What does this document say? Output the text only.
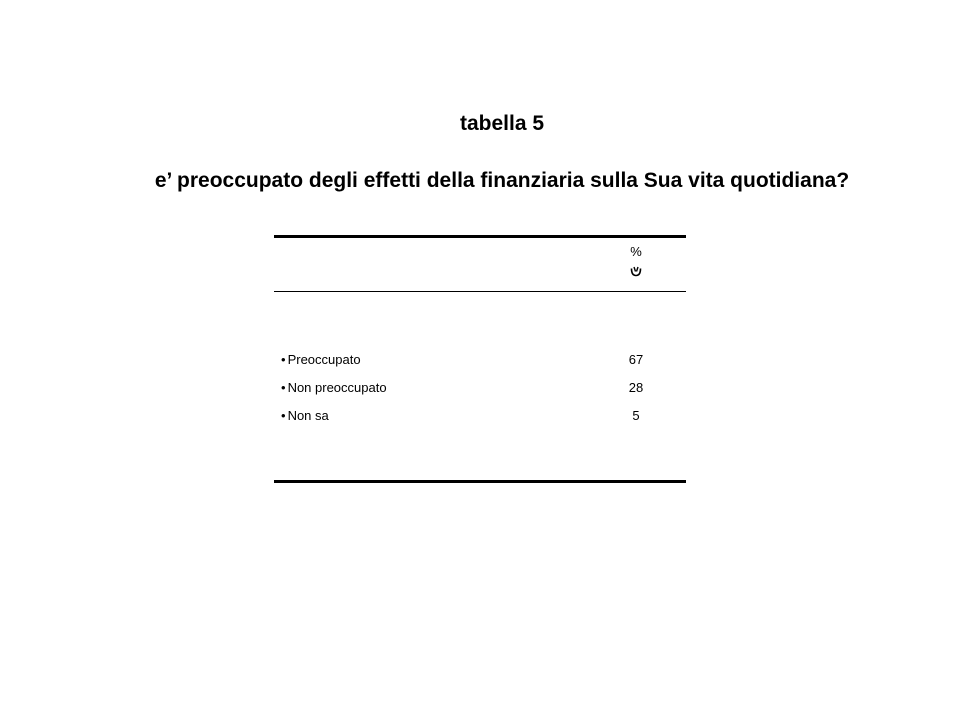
tabella 5
e’ preoccupato degli effetti della finanziaria sulla Sua vita quotidiana?
%
• Preoccupato	67
• Non preoccupato	28
• Non sa	5
